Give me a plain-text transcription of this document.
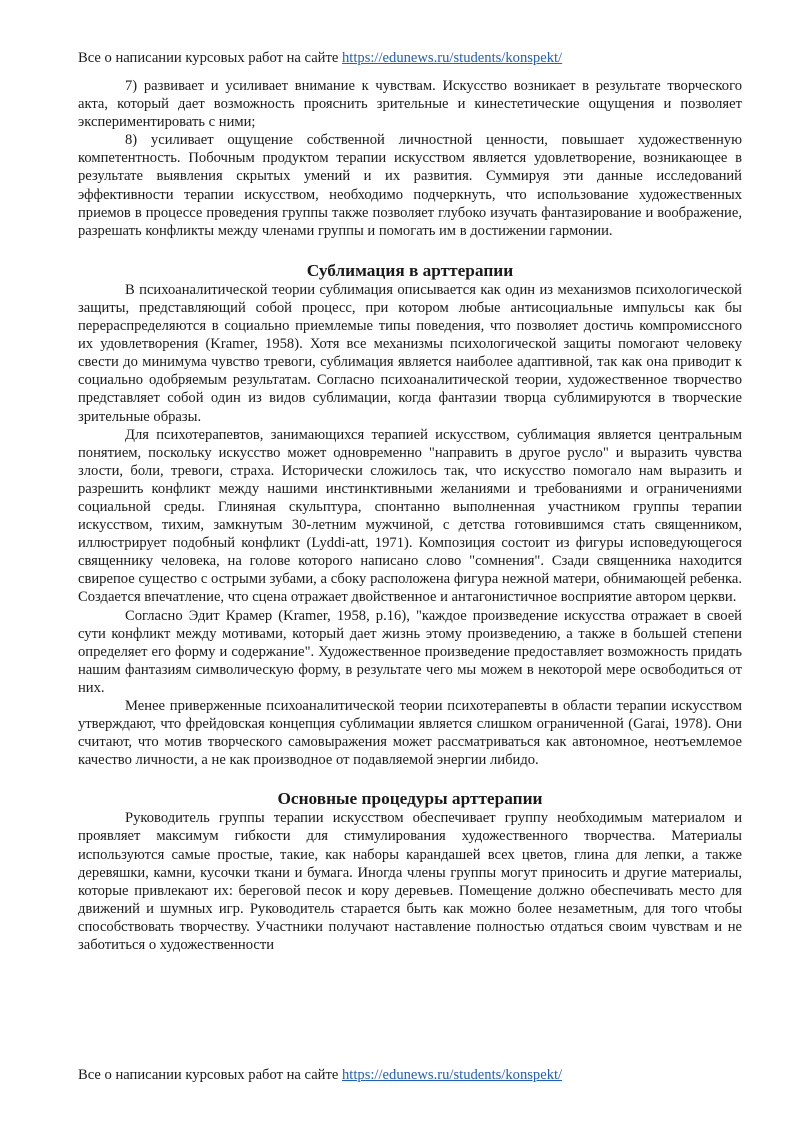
Все о написании курсовых работ на сайте https://edunews.ru/students/konspekt/

7) развивает и усиливает внимание к чувствам. Искусство возникает в результате творческого акта, который дает возможность прояснить зрительные и кинестетические ощущения и позволяет экспериментировать с ними;

8) усиливает ощущение собственной личностной ценности, повышает художественную компетентность. Побочным продуктом терапии искусством является удовлетворение, возникающее в результате выявления скрытых умений и их развития. Суммируя эти данные исследований эффективности терапии искусством, необходимо подчеркнуть, что использование художественных приемов в процессе проведения группы также позволяет глубоко изучать фантазирование и воображение, разрешать конфликты между членами группы и помогать им в достижении гармонии.

Сублимация в арттерапии

В психоаналитической теории сублимация описывается как один из механизмов психологической защиты, представляющий собой процесс, при котором любые антисоциальные импульсы как бы перераспределяются в социально приемлемые типы поведения, что позволяет достичь компромиссного их удовлетворения (Kramer, 1958). Хотя все механизмы психологической защиты помогают человеку свести до минимума чувство тревоги, сублимация является наиболее адаптивной, так как она приводит к социально одобряемым результатам. Согласно психоаналитической теории, художественное творчество представляет собой один из видов сублимации, когда фантазии творца сублимируются в творческие зрительные образы.

Для психотерапевтов, занимающихся терапией искусством, сублимация является центральным понятием, поскольку искусство может одновременно "направить в другое русло" и выразить чувства злости, боли, тревоги, страха. Исторически сложилось так, что искусство помогало нам выразить и разрешить конфликт между нашими инстинктивными желаниями и требованиями и ограничениями социальной среды. Глиняная скульптура, спонтанно выполненная участником группы терапии искусством, тихим, замкнутым 30-летним мужчиной, с детства готовившимся стать священником, иллюстрирует подобный конфликт (Lyddi-att, 1971). Композиция состоит из фигуры исповедующегося священнику человека, на голове которого написано слово "сомнения". Сзади священника находится свирепое существо с острыми зубами, а сбоку расположена фигура нежной матери, обнимающей ребенка. Создается впечатление, что сцена отражает двойственное и антагонистичное восприятие автором церкви.

Согласно Эдит Крамер (Kramer, 1958, р.16), "каждое произведение искусства отражает в своей сути конфликт между мотивами, который дает жизнь этому произведению, а также в большей степени определяет его форму и содержание". Художественное произведение предоставляет возможность придать нашим фантазиям символическую форму, в результате чего мы можем в некоторой мере освободиться от них.

Менее приверженные психоаналитической теории психотерапевты в области терапии искусством утверждают, что фрейдовская концепция сублимации является слишком ограниченной (Garai, 1978). Они считают, что мотив творческого самовыражения может рассматриваться как автономное, неотъемлемое качество личности, а не как производное от подавляемой энергии либидо.

Основные процедуры арттерапии

Руководитель группы терапии искусством обеспечивает группу необходимым материалом и проявляет максимум гибкости для стимулирования художественного творчества. Материалы используются самые простые, такие, как наборы карандашей всех цветов, глина для лепки, а также деревяшки, камни, кусочки ткани и бумага. Иногда члены группы могут приносить и другие материалы, которые привлекают их: береговой песок и кору деревьев. Помещение должно обеспечивать место для движений и шумных игр. Руководитель старается быть как можно более незаметным, для того чтобы способствовать творчеству. Участники получают наставление полностью отдаться своим чувствам и не заботиться о художественности

Все о написании курсовых работ на сайте https://edunews.ru/students/konspekt/
